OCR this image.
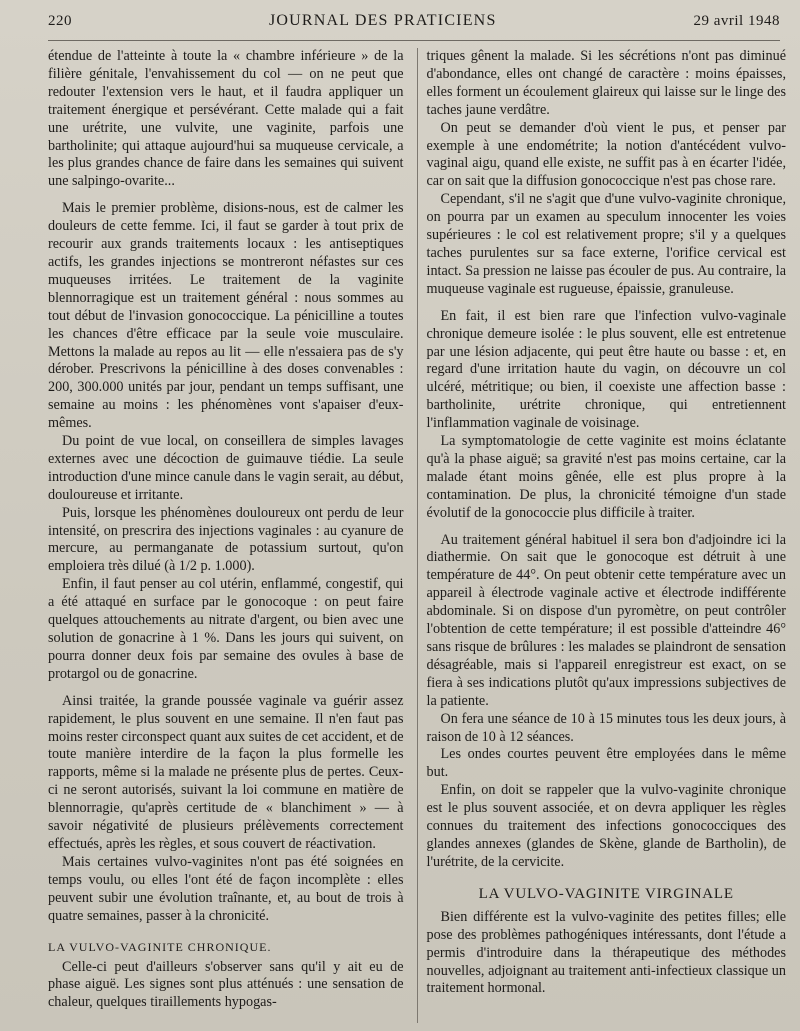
220	JOURNAL DES PRATICIENS	29 avril 1948

étendue de l'atteinte à toute la « chambre inférieure » de la filière génitale, l'envahissement du col — on ne peut que redouter l'extension vers le haut, et il faudra appliquer un traitement énergique et persévérant. Cette malade qui a fait une urétrite, une vulvite, une vaginite, parfois une bartholinite; qui attaque aujourd'hui sa muqueuse cervicale, a les plus grandes chance de faire dans les semaines qui suivent une salpingo-ovarite...

Mais le premier problème, disions-nous, est de calmer les douleurs de cette femme. Ici, il faut se garder à tout prix de recourir aux grands traitements locaux : les antiseptiques actifs, les grandes injections se montreront néfastes sur ces muqueuses irritées. Le traitement de la vaginite blennorragique est un traitement général : nous sommes au tout début de l'invasion gonococcique. La pénicilline a toutes les chances d'être efficace par la seule voie musculaire. Mettons la malade au repos au lit — elle n'essaiera pas de s'y dérober. Prescrivons la pénicilline à des doses convenables : 200, 300.000 unités par jour, pendant un temps suffisant, une semaine au moins : les phénomènes vont s'apaiser d'eux-mêmes.

Du point de vue local, on conseillera de simples lavages externes avec une décoction de guimauve tiédie. La seule introduction d'une mince canule dans le vagin serait, au début, douloureuse et irritante.

Puis, lorsque les phénomènes douloureux ont perdu de leur intensité, on prescrira des injections vaginales : au cyanure de mercure, au permanganate de potassium surtout, qu'on emploiera très dilué (à 1/2 p. 1.000).

Enfin, il faut penser au col utérin, enflammé, congestif, qui a été attaqué en surface par le gonocoque : on peut faire quelques attouchements au nitrate d'argent, ou bien avec une solution de gonacrine à 1 %. Dans les jours qui suivent, on pourra donner deux fois par semaine des ovules à base de protargol ou de gonacrine.

Ainsi traitée, la grande poussée vaginale va guérir assez rapidement, le plus souvent en une semaine. Il n'en faut pas moins rester circonspect quant aux suites de cet accident, et de toute manière interdire de la façon la plus formelle les rapports, même si la malade ne présente plus de pertes. Ceux-ci ne seront autorisés, suivant la loi commune en matière de blennorragie, qu'après certitude de « blanchiment » — à savoir négativité de plusieurs prélèvements correctement effectués, après les règles, et sous couvert de réactivation.

Mais certaines vulvo-vaginites n'ont pas été soignées en temps voulu, ou elles l'ont été de façon incomplète : elles peuvent subir une évolution traînante, et, au bout de trois à quatre semaines, passer à la chronicité.

LA VULVO-VAGINITE CHRONIQUE.

Celle-ci peut d'ailleurs s'observer sans qu'il y ait eu de phase aiguë. Les signes sont plus atténués : une sensation de chaleur, quelques tiraillements hypogas-

triques gênent la malade. Si les sécrétions n'ont pas diminué d'abondance, elles ont changé de caractère : moins épaisses, elles forment un écoulement glaireux qui laisse sur le linge des taches jaune verdâtre.

On peut se demander d'où vient le pus, et penser par exemple à une endométrite; la notion d'antécédent vulvo-vaginal aigu, quand elle existe, ne suffit pas à en écarter l'idée, car on sait que la diffusion gonococcique n'est pas chose rare.

Cependant, s'il ne s'agit que d'une vulvo-vaginite chronique, on pourra par un examen au speculum innocenter les voies supérieures : le col est relativement propre; s'il y a quelques taches purulentes sur sa face externe, l'orifice cervical est intact. Sa pression ne laisse pas écouler de pus. Au contraire, la muqueuse vaginale est rugueuse, épaissie, granuleuse.

En fait, il est bien rare que l'infection vulvo-vaginale chronique demeure isolée : le plus souvent, elle est entretenue par une lésion adjacente, qui peut être haute ou basse : et, en regard d'une irritation haute du vagin, on découvre un col ulcéré, métritique; ou bien, il coexiste une affection basse : bartholinite, urétrite chronique, qui entretiennent l'inflammation vaginale de voisinage.

La symptomatologie de cette vaginite est moins éclatante qu'à la phase aiguë; sa gravité n'est pas moins certaine, car la malade étant moins gênée, elle est plus propre à la contamination. De plus, la chronicité témoigne d'un stade évolutif de la gonococcie plus difficile à traiter.

Au traitement général habituel il sera bon d'adjoindre ici la diathermie. On sait que le gonocoque est détruit à une température de 44°. On peut obtenir cette température avec un appareil à électrode vaginale active et électrode indifférente abdominale. Si on dispose d'un pyromètre, on peut contrôler l'obtention de cette température; il est possible d'atteindre 46° sans risque de brûlures : les malades se plaindront de sensation désagréable, mais si l'appareil enregistreur est exact, on se fiera à ses indications plutôt qu'aux impressions subjectives de la patiente.

On fera une séance de 10 à 15 minutes tous les deux jours, à raison de 10 à 12 séances.

Les ondes courtes peuvent être employées dans le même but.

Enfin, on doit se rappeler que la vulvo-vaginite chronique est le plus souvent associée, et on devra appliquer les règles connues du traitement des infections gonococciques des glandes annexes (glandes de Skène, glande de Bartholin), de l'urétrite, de la cervicite.

LA VULVO-VAGINITE VIRGINALE

Bien différente est la vulvo-vaginite des petites filles; elle pose des problèmes pathogéniques intéressants, dont l'étude a permis d'introduire dans la thérapeutique des méthodes nouvelles, adjoignant au traitement anti-infectieux classique un traitement hormonal.
